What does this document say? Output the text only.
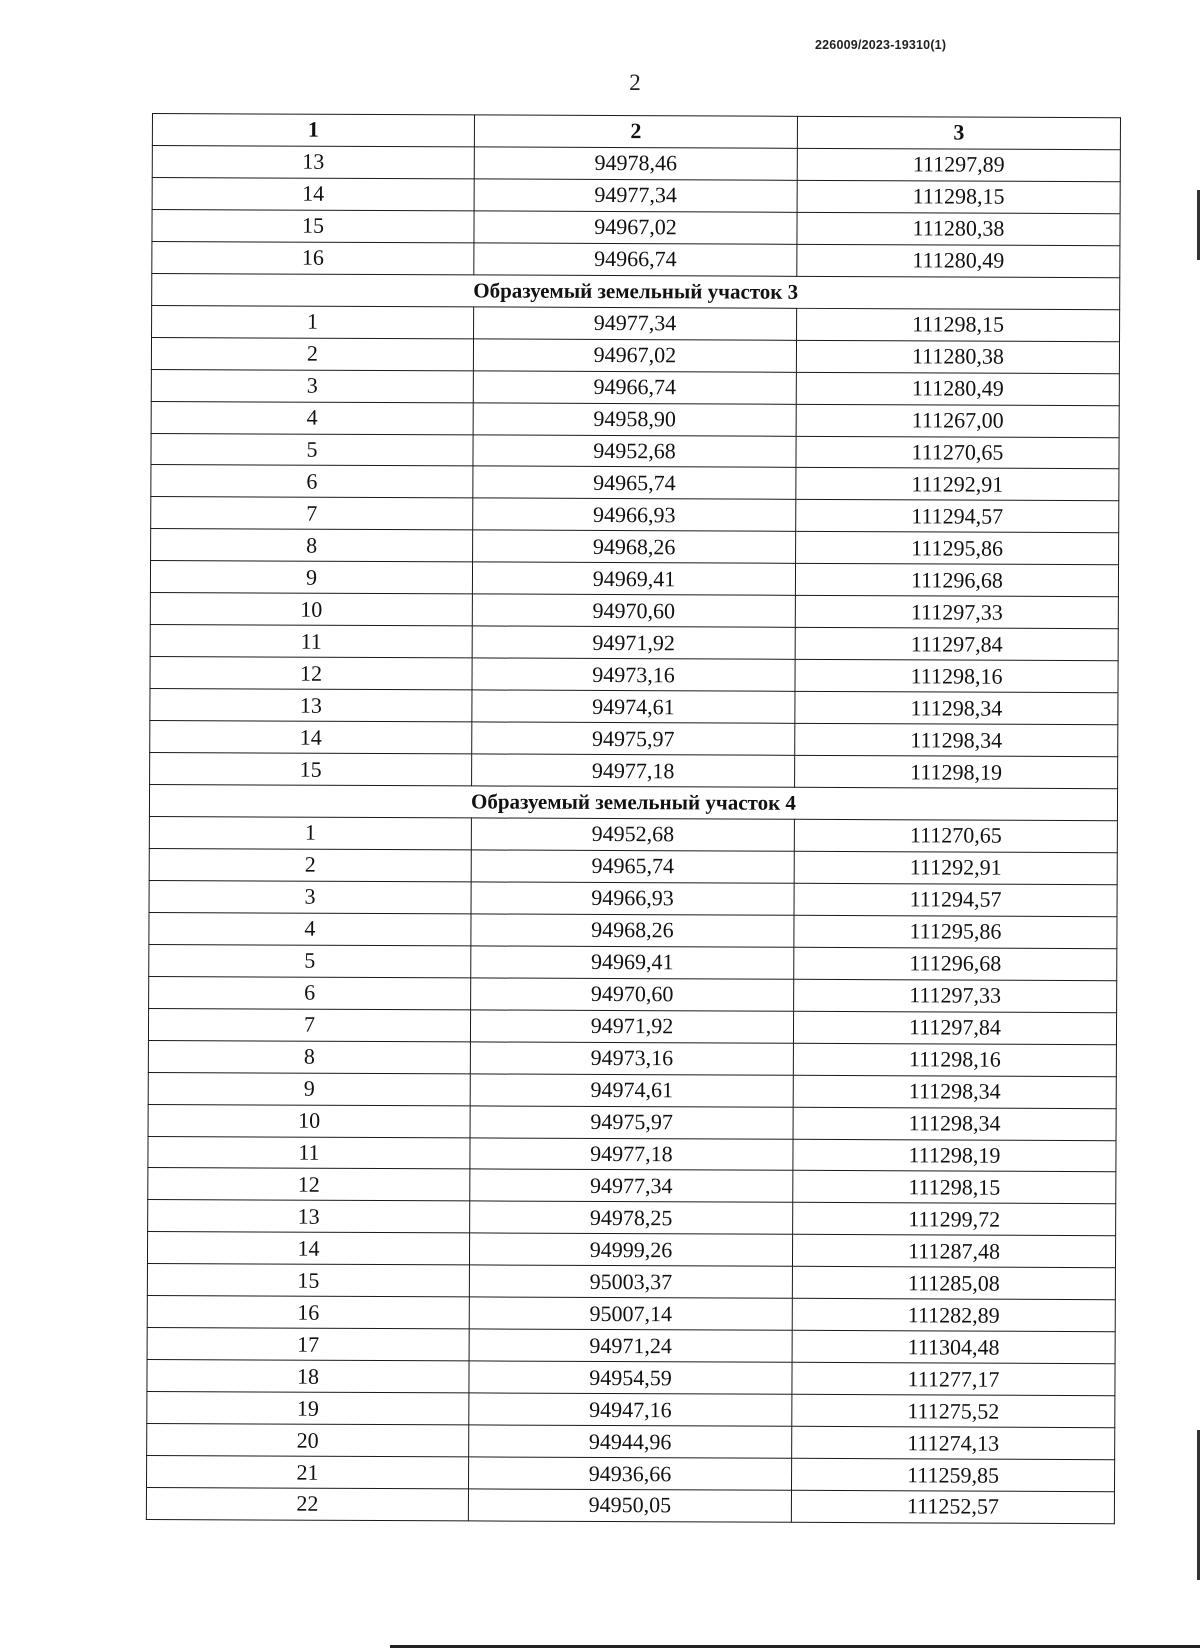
226009/2023-19310(1)
2
1	2	3
13	94978,46	111297,89
14	94977,34	111298,15
15	94967,02	111280,38
16	94966,74	111280,49
Образуемый земельный участок 3		
1	94977,34	111298,15
2	94967,02	111280,38
3	94966,74	111280,49
4	94958,90	111267,00
5	94952,68	111270,65
6	94965,74	111292,91
7	94966,93	111294,57
8	94968,26	111295,86
9	94969,41	111296,68
10	94970,60	111297,33
11	94971,92	111297,84
12	94973,16	111298,16
13	94974,61	111298,34
14	94975,97	111298,34
15	94977,18	111298,19
Образуемый земельный участок 4		
1	94952,68	111270,65
2	94965,74	111292,91
3	94966,93	111294,57
4	94968,26	111295,86
5	94969,41	111296,68
6	94970,60	111297,33
7	94971,92	111297,84
8	94973,16	111298,16
9	94974,61	111298,34
10	94975,97	111298,34
11	94977,18	111298,19
12	94977,34	111298,15
13	94978,25	111299,72
14	94999,26	111287,48
15	95003,37	111285,08
16	95007,14	111282,89
17	94971,24	111304,48
18	94954,59	111277,17
19	94947,16	111275,52
20	94944,96	111274,13
21	94936,66	111259,85
22	94950,05	111252,57
